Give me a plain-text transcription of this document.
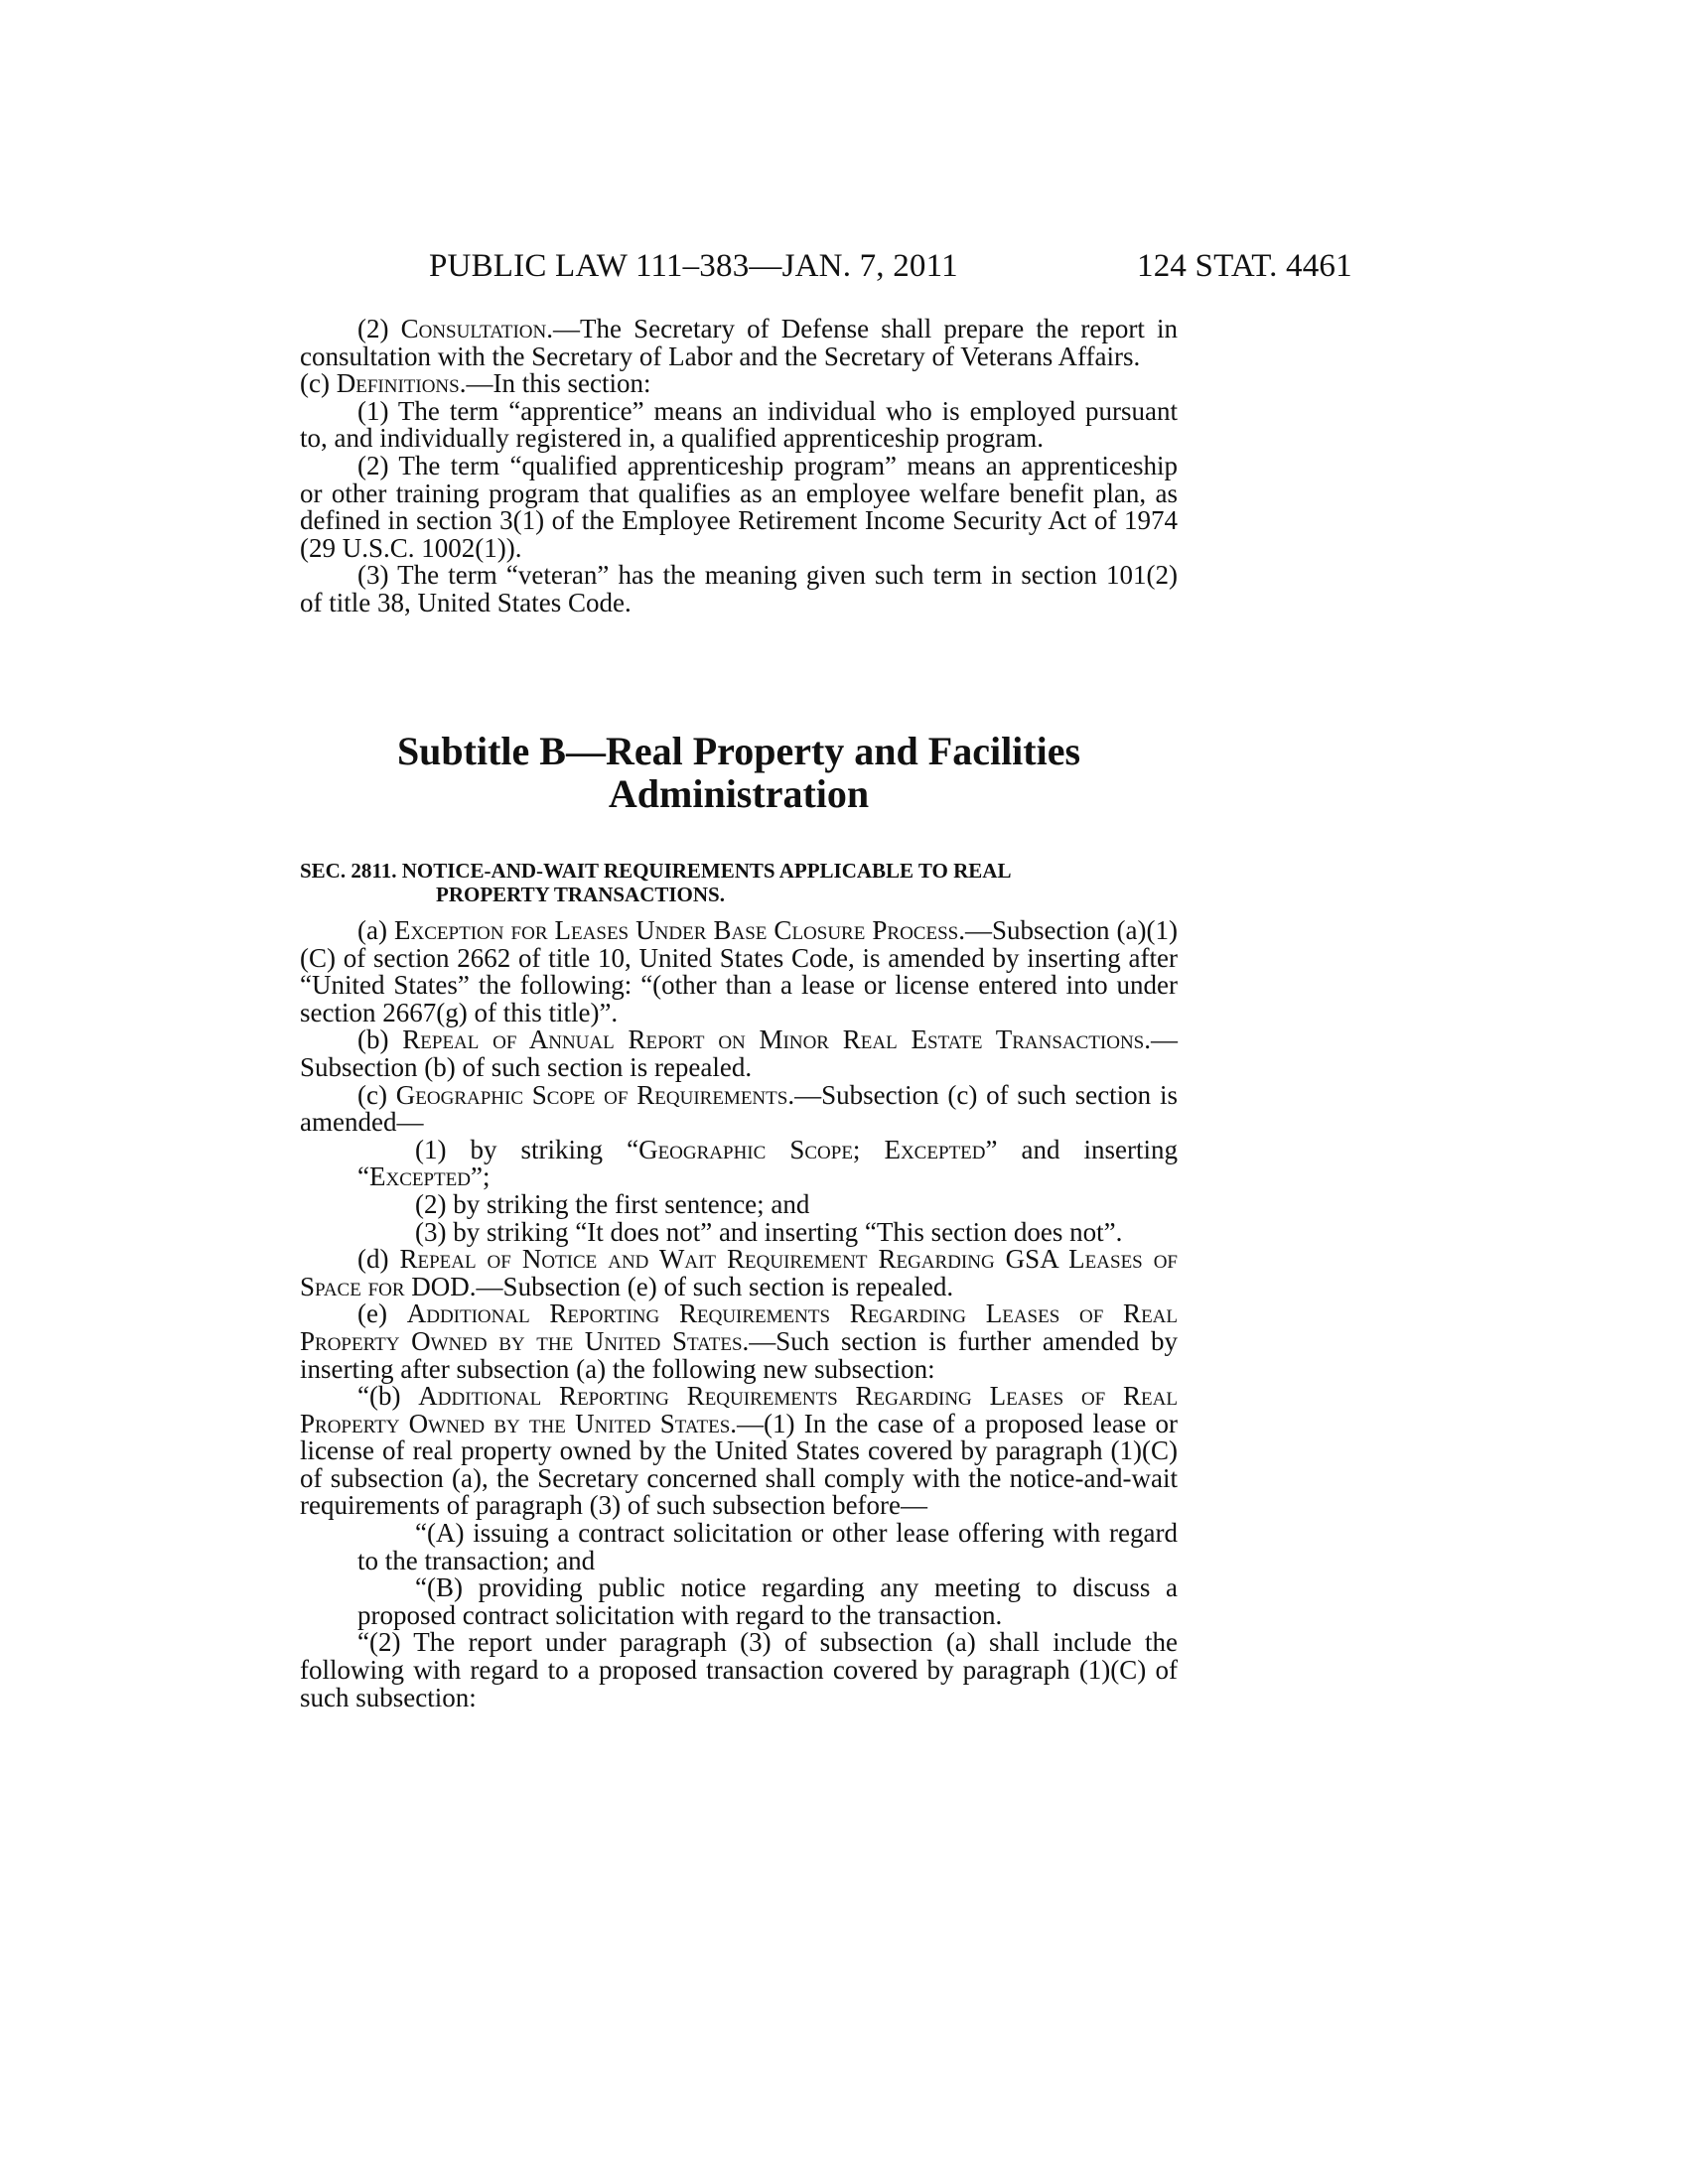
PUBLIC LAW 111–383—JAN. 7, 2011	124 STAT. 4461

(2) Consultation.—The Secretary of Defense shall prepare the report in consultation with the Secretary of Labor and the Secretary of Veterans Affairs.

(c) Definitions.—In this section:

(1) The term “apprentice” means an individual who is employed pursuant to, and individually registered in, a qualified apprenticeship program.

(2) The term “qualified apprenticeship program” means an apprenticeship or other training program that qualifies as an employee welfare benefit plan, as defined in section 3(1) of the Employee Retirement Income Security Act of 1974 (29 U.S.C. 1002(1)).

(3) The term “veteran” has the meaning given such term in section 101(2) of title 38, United States Code.

Subtitle B—Real Property and Facilities
Administration
SEC. 2811. NOTICE-AND-WAIT REQUIREMENTS APPLICABLE TO REAL
PROPERTY TRANSACTIONS.

(a) Exception for Leases Under Base Closure Process.—Subsection (a)(1)(C) of section 2662 of title 10, United States Code, is amended by inserting after “United States” the following: “(other than a lease or license entered into under section 2667(g) of this title)”.

(b) Repeal of Annual Report on Minor Real Estate Transactions.—Subsection (b) of such section is repealed.

(c) Geographic Scope of Requirements.—Subsection (c) of such section is amended—

(1) by striking “Geographic Scope; Excepted” and inserting “Excepted”;

(2) by striking the first sentence; and

(3) by striking “It does not” and inserting “This section does not”.

(d) Repeal of Notice and Wait Requirement Regarding GSA Leases of Space for DOD.—Subsection (e) of such section is repealed.

(e) Additional Reporting Requirements Regarding Leases of Real Property Owned by the United States.—Such section is further amended by inserting after subsection (a) the following new subsection:

“(b) Additional Reporting Requirements Regarding Leases of Real Property Owned by the United States.—(1) In the case of a proposed lease or license of real property owned by the United States covered by paragraph (1)(C) of subsection (a), the Secretary concerned shall comply with the notice-and-wait requirements of paragraph (3) of such subsection before—

“(A) issuing a contract solicitation or other lease offering with regard to the transaction; and

“(B) providing public notice regarding any meeting to discuss a proposed contract solicitation with regard to the transaction.

“(2) The report under paragraph (3) of subsection (a) shall include the following with regard to a proposed transaction covered by paragraph (1)(C) of such subsection:
